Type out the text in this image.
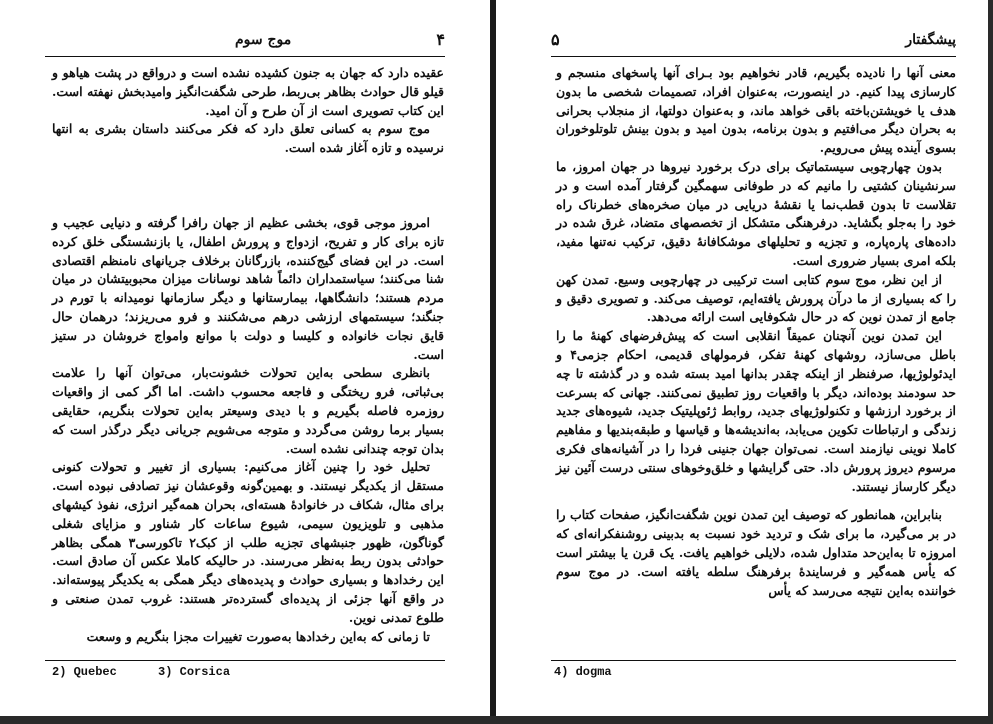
موج سوم	۴

عقیده دارد که جهان به جنون کشیده نشده است و درواقع در پشت هیاهو و قیلو قال حوادث بظاهر بی‌ربط، طرحی شگفت‌انگیز وامیدبخش نهفته است. این کتاب تصویری است از آن طرح و آن امید.

موج سوم به کسانی تعلق دارد که فکر می‌کنند داستان بشری به انتها نرسیده و تازه آغاز شده است.

امروز موجی قوی، بخشی عظیم از جهان رافرا گرفته و دنیایی عجیب و تازه برای کار و تفریح، ازدواج و پرورش اطفال، یا بازنشستگی خلق کرده است. در این فضای گیج‌کننده، بازرگانان برخلاف جریانهای نامنظم اقتصادی شنا می‌کنند؛ سیاستمداران دائماً شاهد نوسانات میزان محبوبیتشان در میان مردم هستند؛ دانشگاهها، بیمارستانها و دیگر سازمانها نومیدانه با تورم در جنگند؛ سیستمهای ارزشی درهم می‌شکنند و فرو می‌ریزند؛ درهمان حال قایق نجات خانواده و کلیسا و دولت با موانع وامواج خروشان در ستیز است.

بانظری سطحی به‌این تحولات خشونت‌بار، می‌توان آنها را علامت بی‌ثباتی، فرو ریختگی و فاجعه محسوب داشت. اما اگر کمی از واقعیات روزمره فاصله بگیریم و با دیدی وسیعتر به‌این تحولات بنگریم، حقایقی بسیار برما روشن می‌گردد و متوجه می‌شویم جریانی دیگر درگذر است که بدان توجه چندانی نشده است.

تحلیل خود را چنین آغاز می‌کنیم: بسیاری از تغییر و تحولات کنونی مستقل از یکدیگر نیستند. و بهمین‌گونه وقوعشان نیز تصادفی نبوده است. برای مثال، شکاف در خانوادهٔ هسته‌ای، بحران همه‌گیر انرژی، نفوذ کیشهای مذهبی و تلویزیون سیمی، شیوع ساعات کار شناور و مزایای شغلی گوناگون، ظهور جنبشهای تجزیه طلب از کبک۲ تاکورسی۳ همگی بظاهر حوادثی بدون ربط به‌نظر می‌رسند. در حالیکه کاملا عکس آن صادق است. این رخدادها و بسیاری حوادث و پدیده‌های دیگر همگی به یکدیگر پیوسته‌اند. در واقع آنها جزئی از پدیده‌ای گسترده‌تر هستند: غروب تمدن صنعتی و طلوع تمدنی نوین.

تا زمانی که به‌این رخدادها به‌صورت تغییرات مجزا بنگریم و وسعت

2) Quebec	3) Corsica
۵	پیشگفتار

معنی آنها را نادیده بگیریم، قادر نخواهیم بود بـرای آنها پاسخهای منسجم و کارسازی پیدا کنیم. در اینصورت، به‌عنوان افراد، تصمیمات شخصی ما بدون هدف یا خویشتن‌باخته باقی خواهد ماند، و به‌عنوان دولتها، از منجلاب بحرانی به بحران دیگر می‌افتیم و بدون برنامه، بدون امید و بدون بینش تلوتلوخوران بسوی آینده پیش می‌رویم.

بدون چهارچوبی سیستماتیک برای درک برخورد نیروها در جهان امروز، ما سرنشینان کشتیی را مانیم که در طوفانی سهمگین گرفتار آمده است و در تقلاست تا بدون قطب‌نما یا نقشهٔ دریایی در میان صخره‌های خطرناک راه خود را به‌جلو بگشاید. درفرهنگی متشکل از تخصصهای متضاد، غرق شده در داده‌های پاره‌پاره، و تجزیه و تحلیلهای موشکافانهٔ دقیق، ترکیب نه‌تنها مفید، بلکه امری بسیار ضروری است.

از این نظر، موج سوم کتابی است ترکیبی در چهارچوبی وسیع. تمدن کهن را که بسیاری از ما درآن پرورش یافته‌ایم، توصیف می‌کند. و تصویری دقیق و جامع از تمدن نوین که در حال شکوفایی است ارائه می‌دهد.

این تمدن نوین آنچنان عمیقاً انقلابی است که پیش‌فرضهای کهنهٔ ما را باطل می‌سازد، روشهای کهنهٔ تفکر، فرمولهای قدیمی، احکام جزمی۴ و ایدئولوژیها، صرفنظر از اینکه چقدر بدانها امید بسته شده و در گذشته تا چه حد سودمند بوده‌اند، دیگر با واقعیات روز تطبیق نمی‌کنند. جهانی که بسرعت از برخورد ارزشها و تکنولوژیهای جدید، روابط ژئوپلیتیک جدید، شیوه‌های جدید زندگی و ارتباطات تکوین می‌یابد، به‌اندیشه‌ها و قیاسها و طبقه‌بندیها و مفاهیم کاملا نوینی نیازمند است. نمی‌توان جهان جنینی فردا را در آشیانه‌های فکری مرسوم دیروز پرورش داد. حتی گرایشها و خلق‌وخوهای سنتی درست آئین نیز دیگر کارساز نیستند.

بنابراین، همانطور که توصیف این تمدن نوین شگفت‌انگیز، صفحات کتاب را در بر می‌گیرد، ما برای شک و تردید خود نسبت به بدبینی روشنفکرانه‌ای که امروزه تا به‌این‌حد متداول شده، دلایلی خواهیم یافت. یک قرن یا بیشتر است که یأس همه‌گیر و فرسایندهٔ برفرهنگ سلطه یافته است. در موج سوم خواننده به‌این نتیجه می‌رسد که یأس

4) dogma
